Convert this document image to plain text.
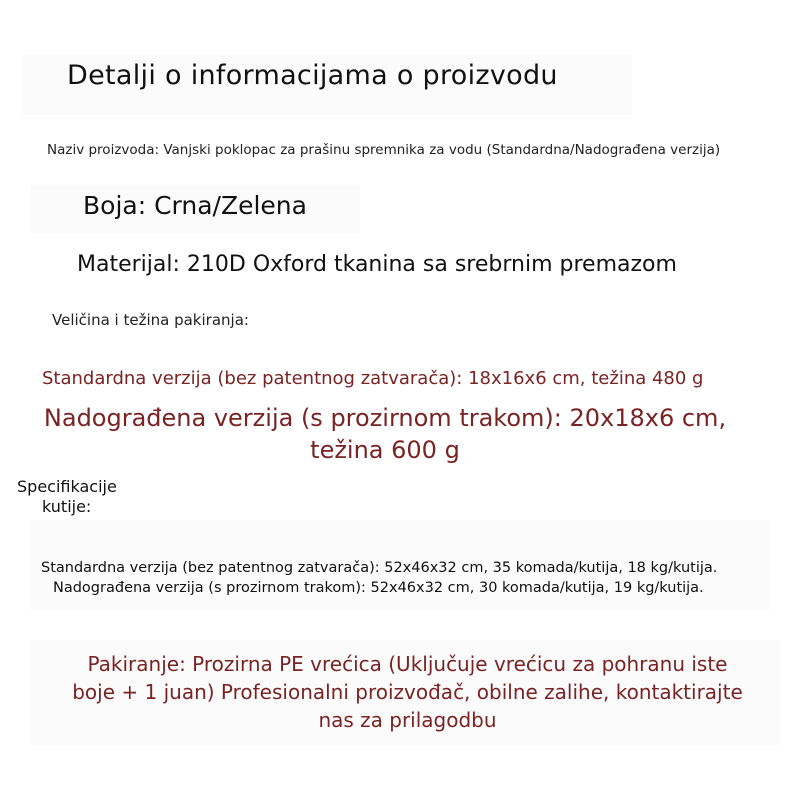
Detalji o informacijama o proizvodu

Naziv proizvoda: Vanjski poklopac za prašinu spremnika za vodu (Standardna/Nadograđena verzija)

Boja: Crna/Zelena

Materijal: 210D Oxford tkanina sa srebrnim premazom

Veličina i težina pakiranja:

Standardna verzija (bez patentnog zatvarača): 18x16x6 cm, težina 480 g

Nadograđena verzija (s prozirnom trakom): 20x18x6 cm,

težina 600 g

Specifikacije

kutije:

Standardna verzija (bez patentnog zatvarača): 52x46x32 cm, 35 komada/kutija, 18 kg/kutija.

Nadograđena verzija (s prozirnom trakom): 52x46x32 cm, 30 komada/kutija, 19 kg/kutija.

Pakiranje: Prozirna PE vrećica (Uključuje vrećicu za pohranu iste

boje + 1 juan) Profesionalni proizvođač, obilne zalihe, kontaktirajte

nas za prilagodbu
